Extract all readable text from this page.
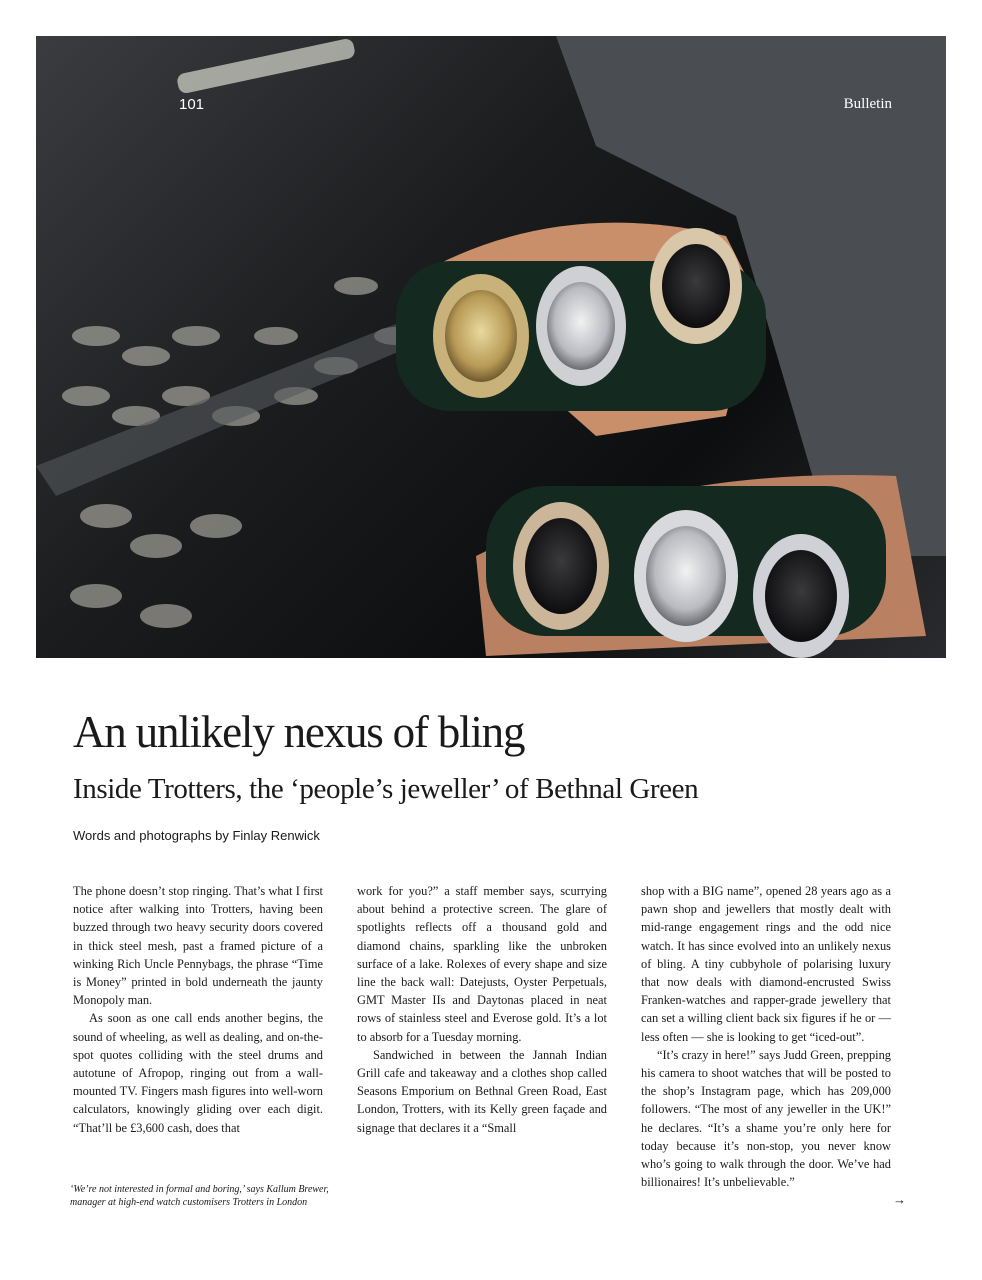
101	Bulletin
An unlikely nexus of bling
Inside Trotters, the ‘people’s jeweller’ of Bethnal Green
Words and photographs by Finlay Renwick

The phone doesn’t stop ringing. That’s what I first notice after walking into Trotters, having been buzzed through two heavy security doors covered in thick steel mesh, past a framed picture of a winking Rich Uncle Pennybags, the phrase “Time is Money” printed in bold underneath the jaunty Monopoly man.

As soon as one call ends another begins, the sound of wheeling, as well as dealing, and on-the-spot quotes colliding with the steel drums and autotune of Afropop, ringing out from a wall-mounted TV. Fingers mash figures into well-worn calculators, knowingly gliding over each digit. “That’ll be £3,600 cash, does that

work for you?” a staff member says, scurrying about behind a protective screen. The glare of spotlights reflects off a thousand gold and diamond chains, sparkling like the unbroken surface of a lake. Rolexes of every shape and size line the back wall: Datejusts, Oyster Perpetuals, GMT Master IIs and Daytonas placed in neat rows of stainless steel and Everose gold. It’s a lot to absorb for a Tuesday morning.

Sandwiched in between the Jannah Indian Grill cafe and takeaway and a clothes shop called Seasons Emporium on Bethnal Green Road, East London, Trotters, with its Kelly green façade and signage that declares it a “Small

shop with a BIG name”, opened 28 years ago as a pawn shop and jewellers that mostly dealt with mid-range engagement rings and the odd nice watch. It has since evolved into an unlikely nexus of bling. A tiny cubbyhole of polarising luxury that now deals with diamond-encrusted Swiss Franken-watches and rapper-grade jewellery that can set a willing client back six figures if he or — less often — she is looking to get “iced-out”.

“It’s crazy in here!” says Judd Green, prepping his camera to shoot watches that will be posted to the shop’s Instagram page, which has 209,000 followers. “The most of any jeweller in the UK!” he declares. “It’s a shame you’re only here for today because it’s non-stop, you never know who’s going to walk through the door. We’ve had billionaires! It’s unbelievable.”

‘We’re not interested in formal and boring,’ says Kallum Brewer, manager at high-end watch customisers Trotters in London	→
